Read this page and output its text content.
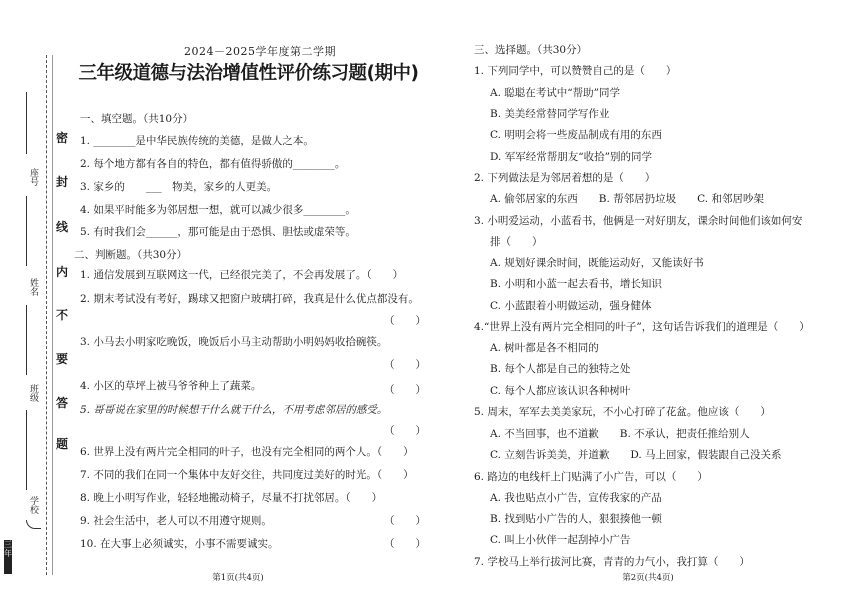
密
封
线
内
不
要
答
题
座号
姓名
班级
学校
三年
2024－2025学年度第二学期
三年级道德与法治增值性评价练习题(期中)
一、填空题。（共10分）
1. ________是中华民族传统的美德，是做人之本。
2. 每个地方都有各自的特色，都有值得骄傲的________。
3. 家乡的　　___　物美，家乡的人更美。
4. 如果平时能多为邻居想一想，就可以减少很多________。
5. 有时我们会______，那可能是由于恐惧、胆怯或虚荣等。
二、判断题。（共30分）
1. 通信发展到互联网这一代，已经很完美了，不会再发展了。（　　）
2. 期末考试没有考好，踢球又把窗户玻璃打碎，我真是什么优点都没有。
（　　）
3. 小马去小明家吃晚饭，晚饭后小马主动帮助小明妈妈收拾碗筷。
（　　）
4. 小区的草坪上被马爷爷种上了蔬菜。	（　　）
5. 哥哥说在家里的时候想干什么就干什么，不用考虑邻居的感受。
（　　）
6. 世界上没有两片完全相同的叶子，也没有完全相同的两个人。（　　）
7. 不同的我们在同一个集体中友好交往，共同度过美好的时光。（　　）
8. 晚上小明写作业，轻轻地搬动椅子，尽量不打扰邻居。（　　）
9. 社会生活中，老人可以不用遵守规则。	（　　）
10. 在大事上必须诚实，小事不需要诚实。	（　　）
第1页(共4页)
三、选择题。（共30分）
1. 下列同学中，可以赞赞自己的是（　　）
A. 聪聪在考试中“帮助”同学
B. 美美经常替同学写作业
C. 明明会将一些废品制成有用的东西
D. 军军经常帮朋友“收拾”别的同学
2. 下列做法是为邻居着想的是（　　）
A. 偷邻居家的东西　　B. 帮邻居扔垃圾　　C. 和邻居吵架
3. 小明爱运动，小蓝看书，他俩是一对好朋友，课余时间他们该如何安
排（　　）
A. 规划好课余时间，既能运动好，又能读好书
B. 小明和小蓝一起去看书，增长知识
C. 小蓝跟着小明做运动，强身健体
4.“世界上没有两片完全相同的叶子”，这句话告诉我们的道理是（　　）
A. 树叶都是各不相同的
B. 每个人都是自己的独特之处
C. 每个人都应该认识各种树叶
5. 周末，军军去美美家玩，不小心打碎了花盆。他应该（　　）
A. 不当回事，也不道歉　　B. 不承认，把责任推给别人
C. 立刻告诉美美，并道歉　　D. 马上回家，假装跟自己没关系
6. 路边的电线杆上门贴满了小广告，可以（　　）
A. 我也贴点小广告，宣传我家的产品
B. 找到贴小广告的人，狠狠揍他一顿
C. 叫上小伙伴一起刮掉小广告
7. 学校马上举行拔河比赛，青青的力气小，我打算（　　）
第2页(共4页)
